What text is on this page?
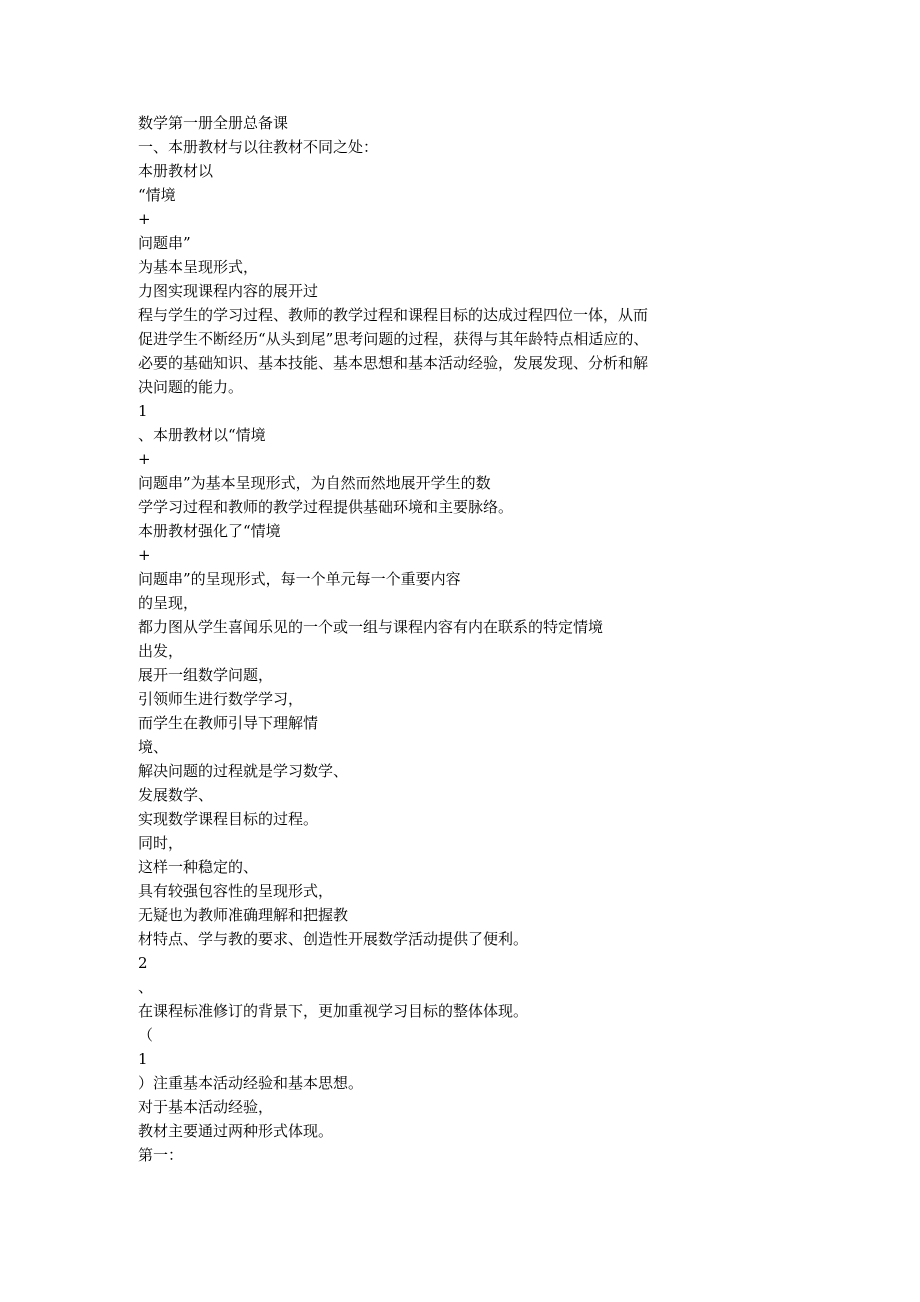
数学第一册全册总备课
一、本册教材与以往教材不同之处：
本册教材以
“情境
+
问题串”
为基本呈现形式，
力图实现课程内容的展开过
程与学生的学习过程、教师的教学过程和课程目标的达成过程四位一体，从而
促进学生不断经历“从头到尾”思考问题的过程，获得与其年龄特点相适应的、
必要的基础知识、基本技能、基本思想和基本活动经验，发展发现、分析和解
决问题的能力。
1
、本册教材以“情境
+
问题串”为基本呈现形式，为自然而然地展开学生的数
学学习过程和教师的教学过程提供基础环境和主要脉络。
本册教材强化了“情境
+
问题串”的呈现形式，每一个单元每一个重要内容
的呈现，
都力图从学生喜闻乐见的一个或一组与课程内容有内在联系的特定情境
出发，
展开一组数学问题，
引领师生进行数学学习，
而学生在教师引导下理解情
境、
解决问题的过程就是学习数学、
发展数学、
实现数学课程目标的过程。
同时，
这样一种稳定的、
具有较强包容性的呈现形式，
无疑也为教师准确理解和把握教
材特点、学与教的要求、创造性开展数学活动提供了便利。
2
、
在课程标准修订的背景下，更加重视学习目标的整体体现。
（
1
）注重基本活动经验和基本思想。
对于基本活动经验，
教材主要通过两种形式体现。
第一：
